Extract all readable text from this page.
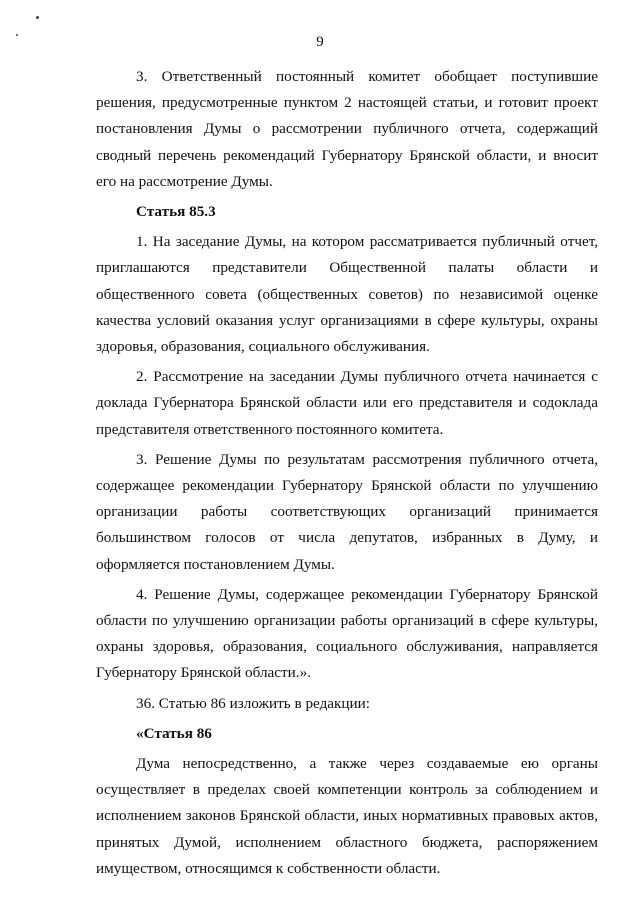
9

3. Ответственный постоянный комитет обобщает поступившие решения, предусмотренные пунктом 2 настоящей статьи, и готовит проект постановления Думы о рассмотрении публичного отчета, содержащий сводный перечень рекомендаций Губернатору Брянской области, и вносит его на рассмотрение Думы.

Статья 85.3

1. На заседание Думы, на котором рассматривается публичный отчет, приглашаются представители Общественной палаты области и общественного совета (общественных советов) по независимой оценке качества условий оказания услуг организациями в сфере культуры, охраны здоровья, образования, социального обслуживания.

2. Рассмотрение на заседании Думы публичного отчета начинается с доклада Губернатора Брянской области или его представителя и содоклада представителя ответственного постоянного комитета.

3. Решение Думы по результатам рассмотрения публичного отчета, содержащее рекомендации Губернатору Брянской области по улучшению организации работы соответствующих организаций принимается большинством голосов от числа депутатов, избранных в Думу, и оформляется постановлением Думы.

4. Решение Думы, содержащее рекомендации Губернатору Брянской области по улучшению организации работы организаций в сфере культуры, охраны здоровья, образования, социального обслуживания, направляется Губернатору Брянской области.».

36. Статью 86 изложить в редакции:

«Статья 86

Дума непосредственно, а также через создаваемые ею органы осуществляет в пределах своей компетенции контроль за соблюдением и исполнением законов Брянской области, иных нормативных правовых актов, принятых Думой, исполнением областного бюджета, распоряжением имуществом, относящимся к собственности области.
